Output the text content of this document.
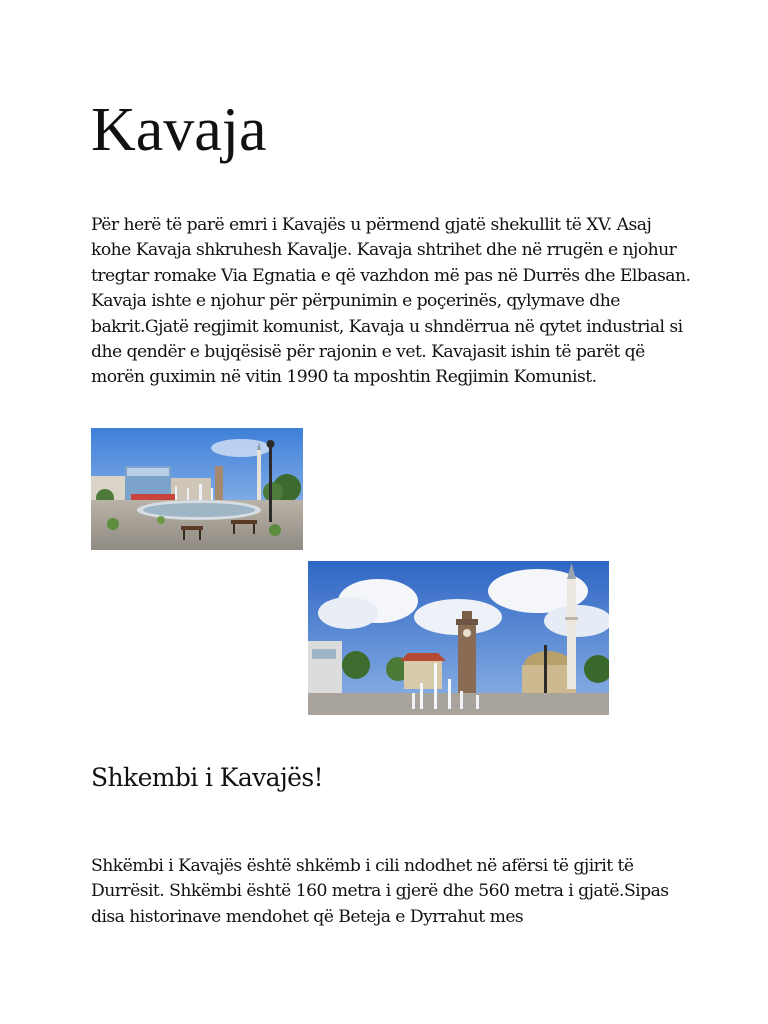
Kavaja

Për herë të parë emri i Kavajës u përmend gjatë shekullit të XV. Asaj kohe Kavaja shkruhesh Kavalje. Kavaja shtrihet dhe në rrugën e njohur tregtar romake Via Egnatia e që vazhdon më pas në Durrës dhe Elbasan. Kavaja ishte e njohur për përpunimin e poçerinës, qylymave dhe bakrit.Gjatë regjimit komunist, Kavaja u shndërrua në qytet industrial si dhe qendër e bujqësisë për rajonin e vet. Kavajasit ishin të parët që morën guximin në vitin 1990 ta mposhtin Regjimin Komunist.

Shkembi i Kavajës!

Shkëmbi i Kavajës është shkëmb i cili ndodhet në afërsi të gjirit të Durrësit. Shkëmbi është 160 metra i gjerë dhe 560 metra i gjatë.Sipas disa historinave mendohet që Beteja e Dyrrahut mes
